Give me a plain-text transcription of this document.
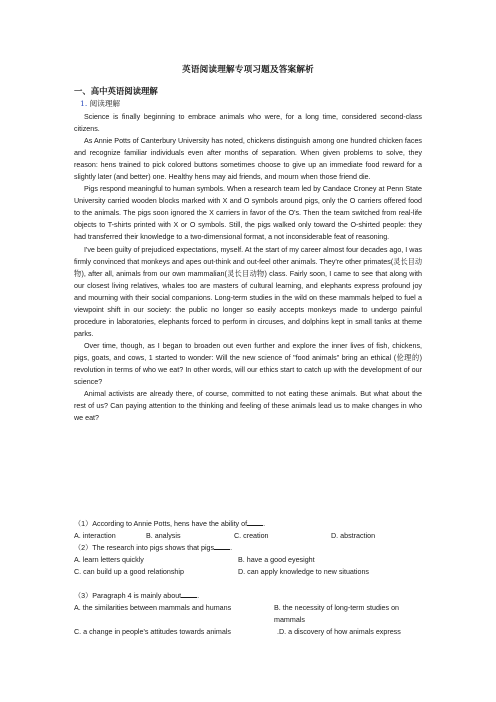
英语阅读理解专项习题及答案解析
一、高中英语阅读理解
1. 阅读理解

Science is finally beginning to embrace animals who were, for a long time, considered second-class citizens.

As Annie Potts of Canterbury University has noted, chickens distinguish among one hundred chicken faces and recognize familiar individuals even after months of separation. When given problems to solve, they reason: hens trained to pick colored buttons sometimes choose to give up an immediate food reward for a slightly later (and better) one. Healthy hens may aid friends, and mourn when those friend die.

Pigs respond meaningful to human symbols. When a research team led by Candace Croney at Penn State University carried wooden blocks marked with X and O symbols around pigs, only the O carriers offered food to the animals. The pigs soon ignored the X carriers in favor of the O's. Then the team switched from real-life objects to T-shirts printed with X or O symbols. Still, the pigs walked only toward the O-shirted people: they had transferred their knowledge to a two-dimensional format, a not inconsiderable feat of reasoning.

I've been guilty of prejudiced expectations, myself. At the start of my career almost four decades ago, I was firmly convinced that monkeys and apes out-think and out-feel other animals. They're other primates(灵长目动物), after all, animals from our own mammalian(灵长目动物) class. Fairly soon, I came to see that along with our closest living relatives, whales too are masters of cultural learning, and elephants express profound joy and mourning with their social companions. Long-term studies in the wild on these mammals helped to fuel a viewpoint shift in our society: the public no longer so easily accepts monkeys made to undergo painful procedure in laboratories, elephants forced to perform in circuses, and dolphins kept in small tanks at theme parks.

Over time, though, as I began to broaden out even further and explore the inner lives of fish, chickens, pigs, goats, and cows, 1 started to wonder: Will the new science of "food animals" bring an ethical (伦理的) revolution in terms of who we eat? In other words, will our ethics start to catch up with the development of our science?

Animal activists are already there, of course, committed to not eating these animals. But what about the rest of us? Can paying attention to the thinking and feeling of these animals lead us to make changes in who we eat?

（1）According to Annie Potts, hens have the ability of .
A. interaction	B. analysis	C. creation	D. abstraction
（2）The research into pigs shows that pigs .
A. learn letters quickly	B. have a good eyesight
C. can build up a good relationship	D. can apply knowledge to new situations
（3）Paragraph 4 is mainly about .
A. the similarities between mammals and humans	B. the necessity of long-term studies on mammals
C. a change in people's attitudes towards animals	.D. a discovery of how animals express
